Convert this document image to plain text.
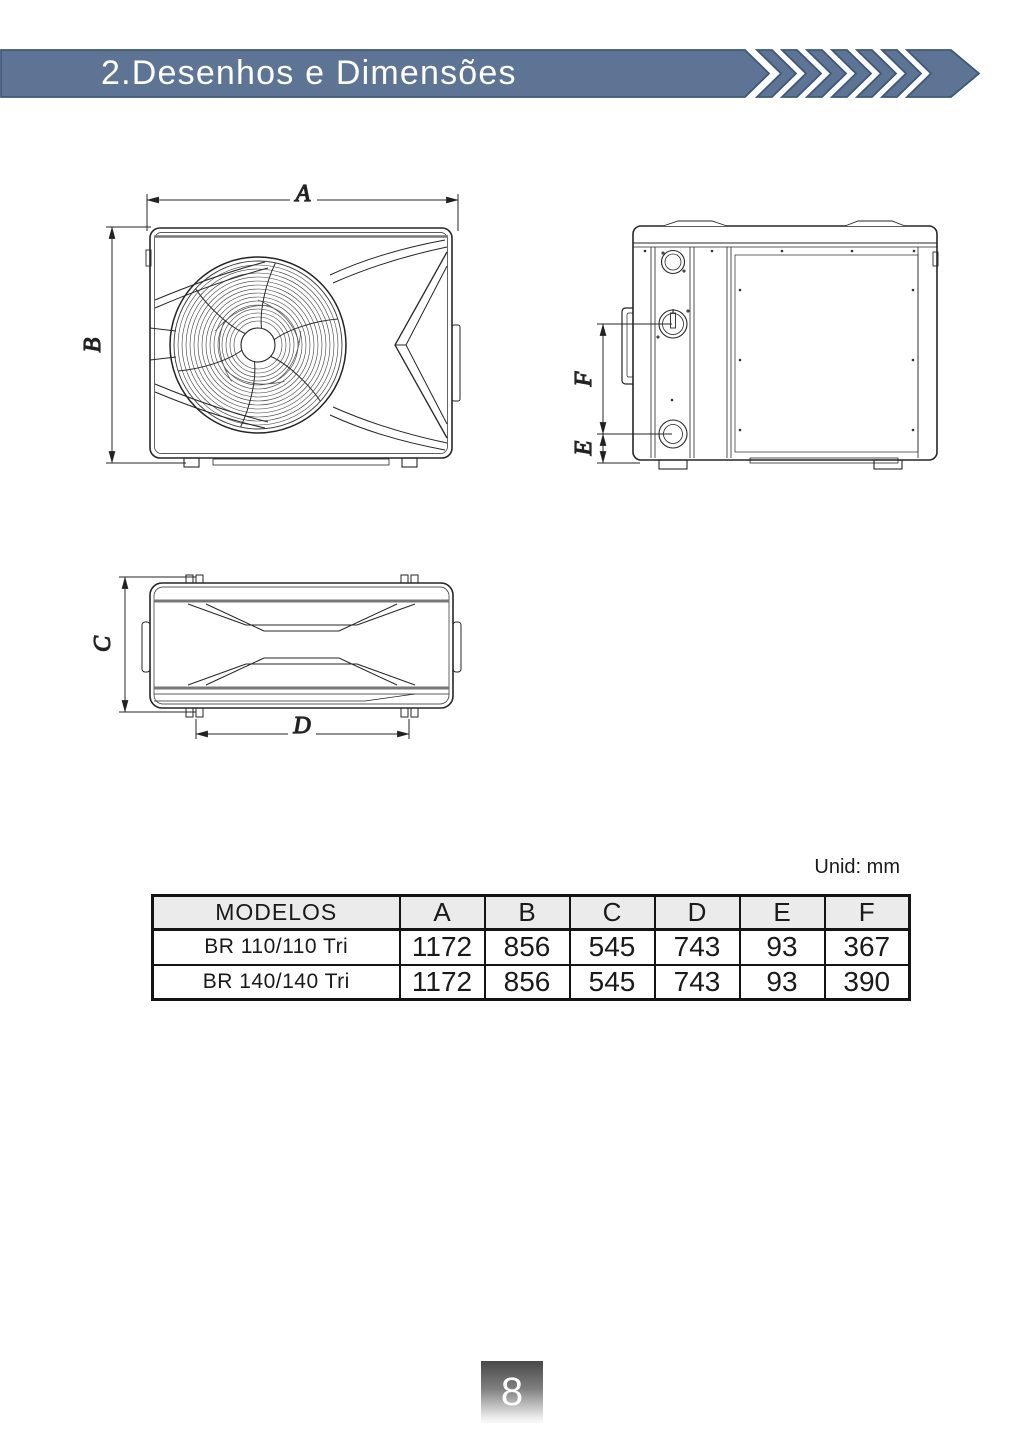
2.Desenhos e Dimensões
A
B
F
E
C
D
Unid: mm
MODELOS	A	B	C	D	E	F
BR 110/110 Tri	1172	856	545	743	93	367
BR 140/140 Tri	1172	856	545	743	93	390
8
